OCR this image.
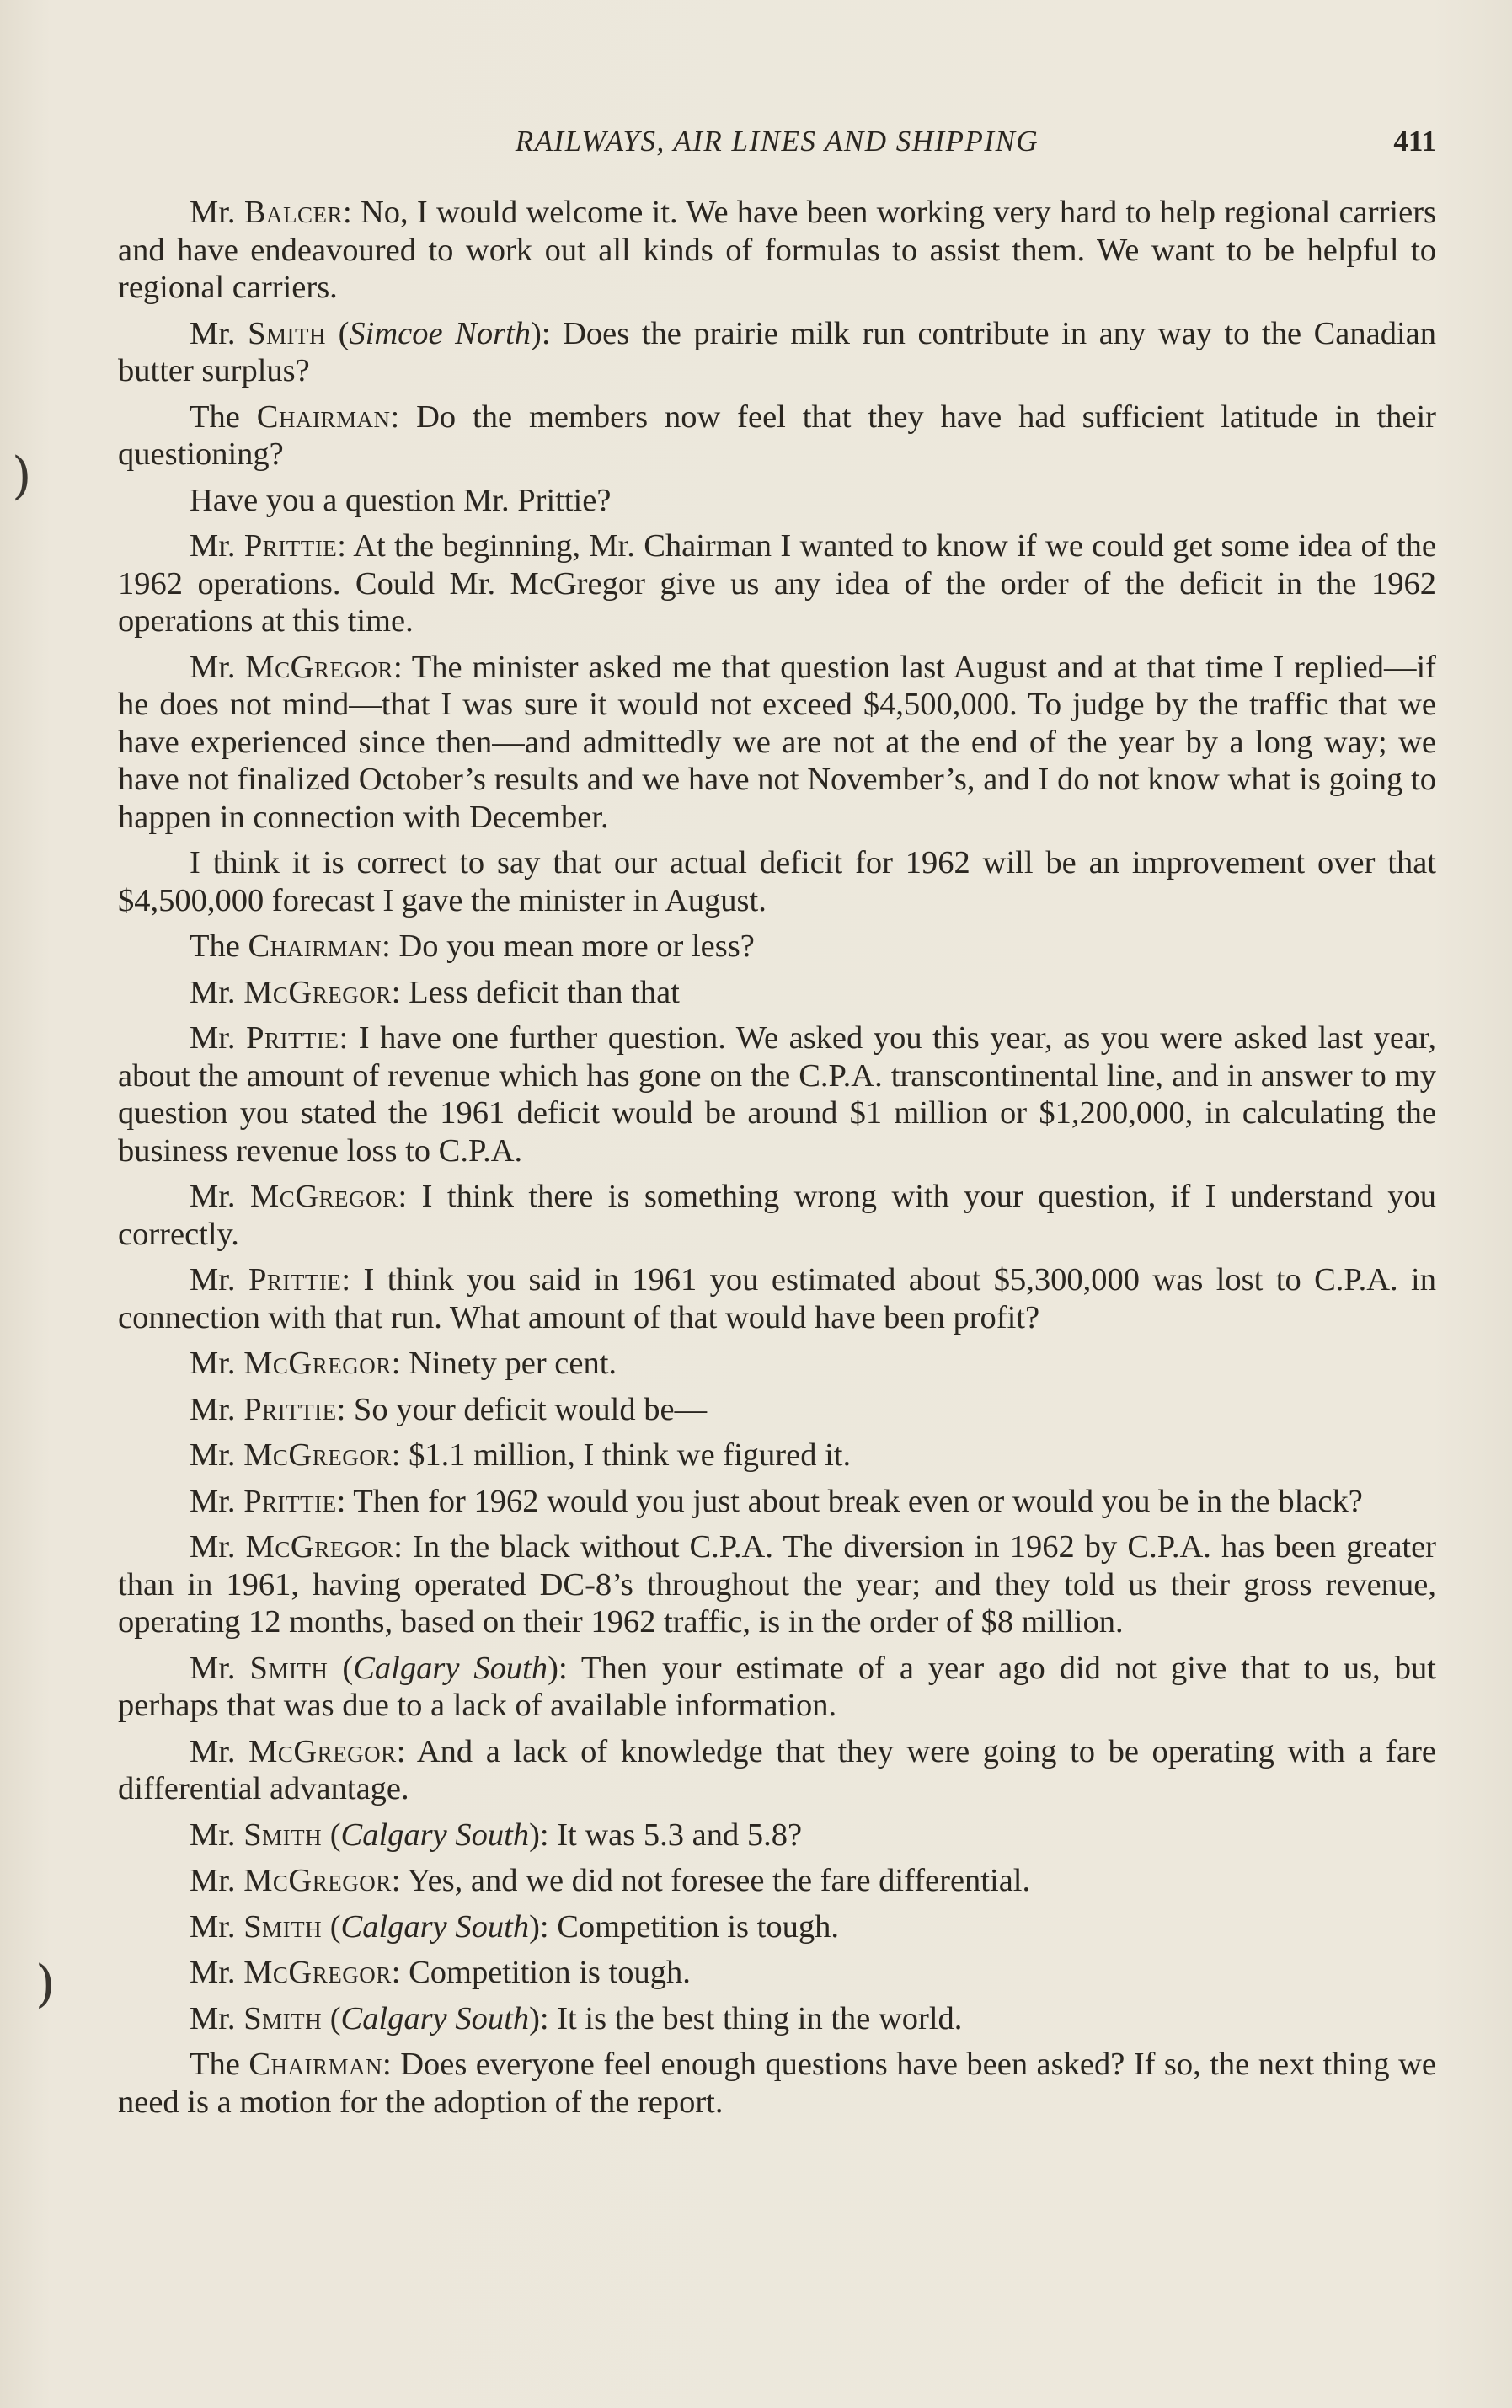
RAILWAYS, AIR LINES AND SHIPPING	411
)
)

Mr. Balcer: No, I would welcome it. We have been working very hard to help regional carriers and have endeavoured to work out all kinds of formulas to assist them. We want to be helpful to regional carriers.

Mr. Smith (Simcoe North): Does the prairie milk run contribute in any way to the Canadian butter surplus?

The Chairman: Do the members now feel that they have had sufficient latitude in their questioning?

Have you a question Mr. Prittie?

Mr. Prittie: At the beginning, Mr. Chairman I wanted to know if we could get some idea of the 1962 operations. Could Mr. McGregor give us any idea of the order of the deficit in the 1962 operations at this time.

Mr. McGregor: The minister asked me that question last August and at that time I replied—if he does not mind—that I was sure it would not exceed $4,500,000. To judge by the traffic that we have experienced since then—and admittedly we are not at the end of the year by a long way; we have not finalized October’s results and we have not November’s, and I do not know what is going to happen in connection with December.

I think it is correct to say that our actual deficit for 1962 will be an improvement over that $4,500,000 forecast I gave the minister in August.

The Chairman: Do you mean more or less?

Mr. McGregor: Less deficit than that

Mr. Prittie: I have one further question. We asked you this year, as you were asked last year, about the amount of revenue which has gone on the C.P.A. transcontinental line, and in answer to my question you stated the 1961 deficit would be around $1 million or $1,200,000, in calculating the business revenue loss to C.P.A.

Mr. McGregor: I think there is something wrong with your question, if I understand you correctly.

Mr. Prittie: I think you said in 1961 you estimated about $5,300,000 was lost to C.P.A. in connection with that run. What amount of that would have been profit?

Mr. McGregor: Ninety per cent.

Mr. Prittie: So your deficit would be—

Mr. McGregor: $1.1 million, I think we figured it.

Mr. Prittie: Then for 1962 would you just about break even or would you be in the black?

Mr. McGregor: In the black without C.P.A. The diversion in 1962 by C.P.A. has been greater than in 1961, having operated DC-8’s throughout the year; and they told us their gross revenue, operating 12 months, based on their 1962 traffic, is in the order of $8 million.

Mr. Smith (Calgary South): Then your estimate of a year ago did not give that to us, but perhaps that was due to a lack of available information.

Mr. McGregor: And a lack of knowledge that they were going to be operating with a fare differential advantage.

Mr. Smith (Calgary South): It was 5.3 and 5.8?

Mr. McGregor: Yes, and we did not foresee the fare differential.

Mr. Smith (Calgary South): Competition is tough.

Mr. McGregor: Competition is tough.

Mr. Smith (Calgary South): It is the best thing in the world.

The Chairman: Does everyone feel enough questions have been asked? If so, the next thing we need is a motion for the adoption of the report.
